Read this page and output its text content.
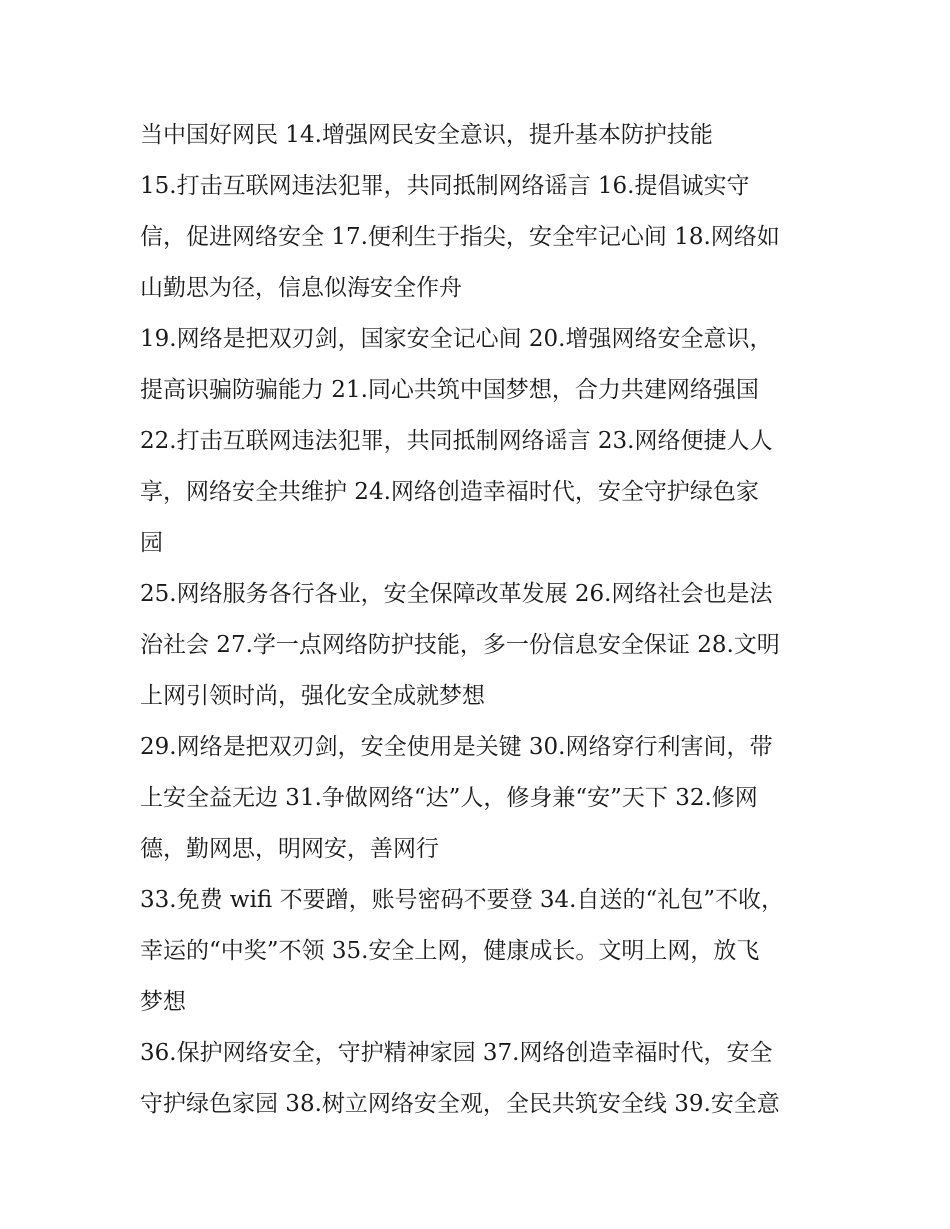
当中国好网民 14.增强网民安全意识，提升基本防护技能
15.打击互联网违法犯罪，共同抵制网络谣言 16.提倡诚实守
信，促进网络安全 17.便利生于指尖，安全牢记心间 18.网络如
山勤思为径，信息似海安全作舟
19.网络是把双刃剑，国家安全记心间 20.增强网络安全意识，
提高识骗防骗能力 21.同心共筑中国梦想，合力共建网络强国
22.打击互联网违法犯罪，共同抵制网络谣言 23.网络便捷人人
享，网络安全共维护 24.网络创造幸福时代，安全守护绿色家
园
25.网络服务各行各业，安全保障改革发展 26.网络社会也是法
治社会 27.学一点网络防护技能，多一份信息安全保证 28.文明
上网引领时尚，强化安全成就梦想
29.网络是把双刃剑，安全使用是关键 30.网络穿行利害间，带
上安全益无边 31.争做网络“达”人，修身兼“安”天下 32.修网
德，勤网思，明网安，善网行
33.免费 wifi 不要蹭，账号密码不要登 34.自送的“礼包”不收，
幸运的“中奖”不领 35.安全上网，健康成长。文明上网，放飞
梦想
36.保护网络安全，守护精神家园 37.网络创造幸福时代，安全
守护绿色家园 38.树立网络安全观，全民共筑安全线 39.安全意
